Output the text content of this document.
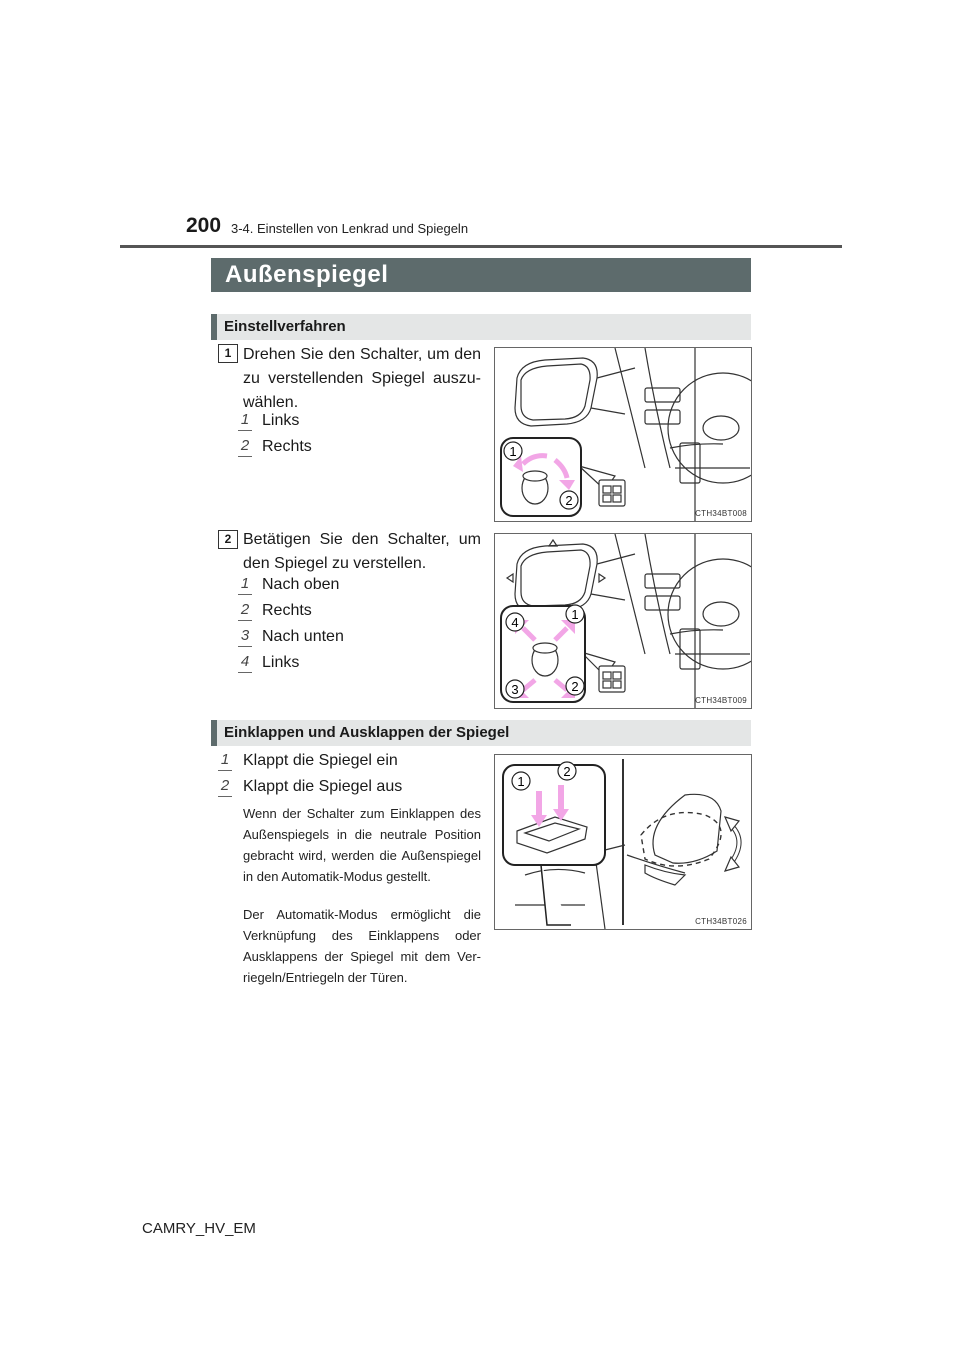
200 3-4. Einstellen von Lenkrad und Spiegeln
Außenspiegel
Einstellverfahren
1 Drehen Sie den Schalter, um den zu verstellenden Spiegel auszu-wählen.
1 Links
2 Rechts	1
2
CTH34BT008
2 Betätigen Sie den Schalter, um den Spiegel zu verstellen.
1 Nach oben
2 Rechts
3 Nach unten
4 Links
4
1
3	2
CTH34BT009
Einklappen und Ausklappen der Spiegel
1 Klappt die Spiegel ein
2 Klappt die Spiegel aus
Wenn der Schalter zum Einklappen des Außenspiegels in die neutrale Position gebracht wird, werden die Außenspiegel in den Automatik-Modus gestellt.
Der Automatik-Modus ermöglicht die Verknüpfung des Einklappens oder Ausklappens der Spiegel mit dem Ver-riegeln/Entriegeln der Türen.
1
2
CTH34BT026
CAMRY_HV_EM
